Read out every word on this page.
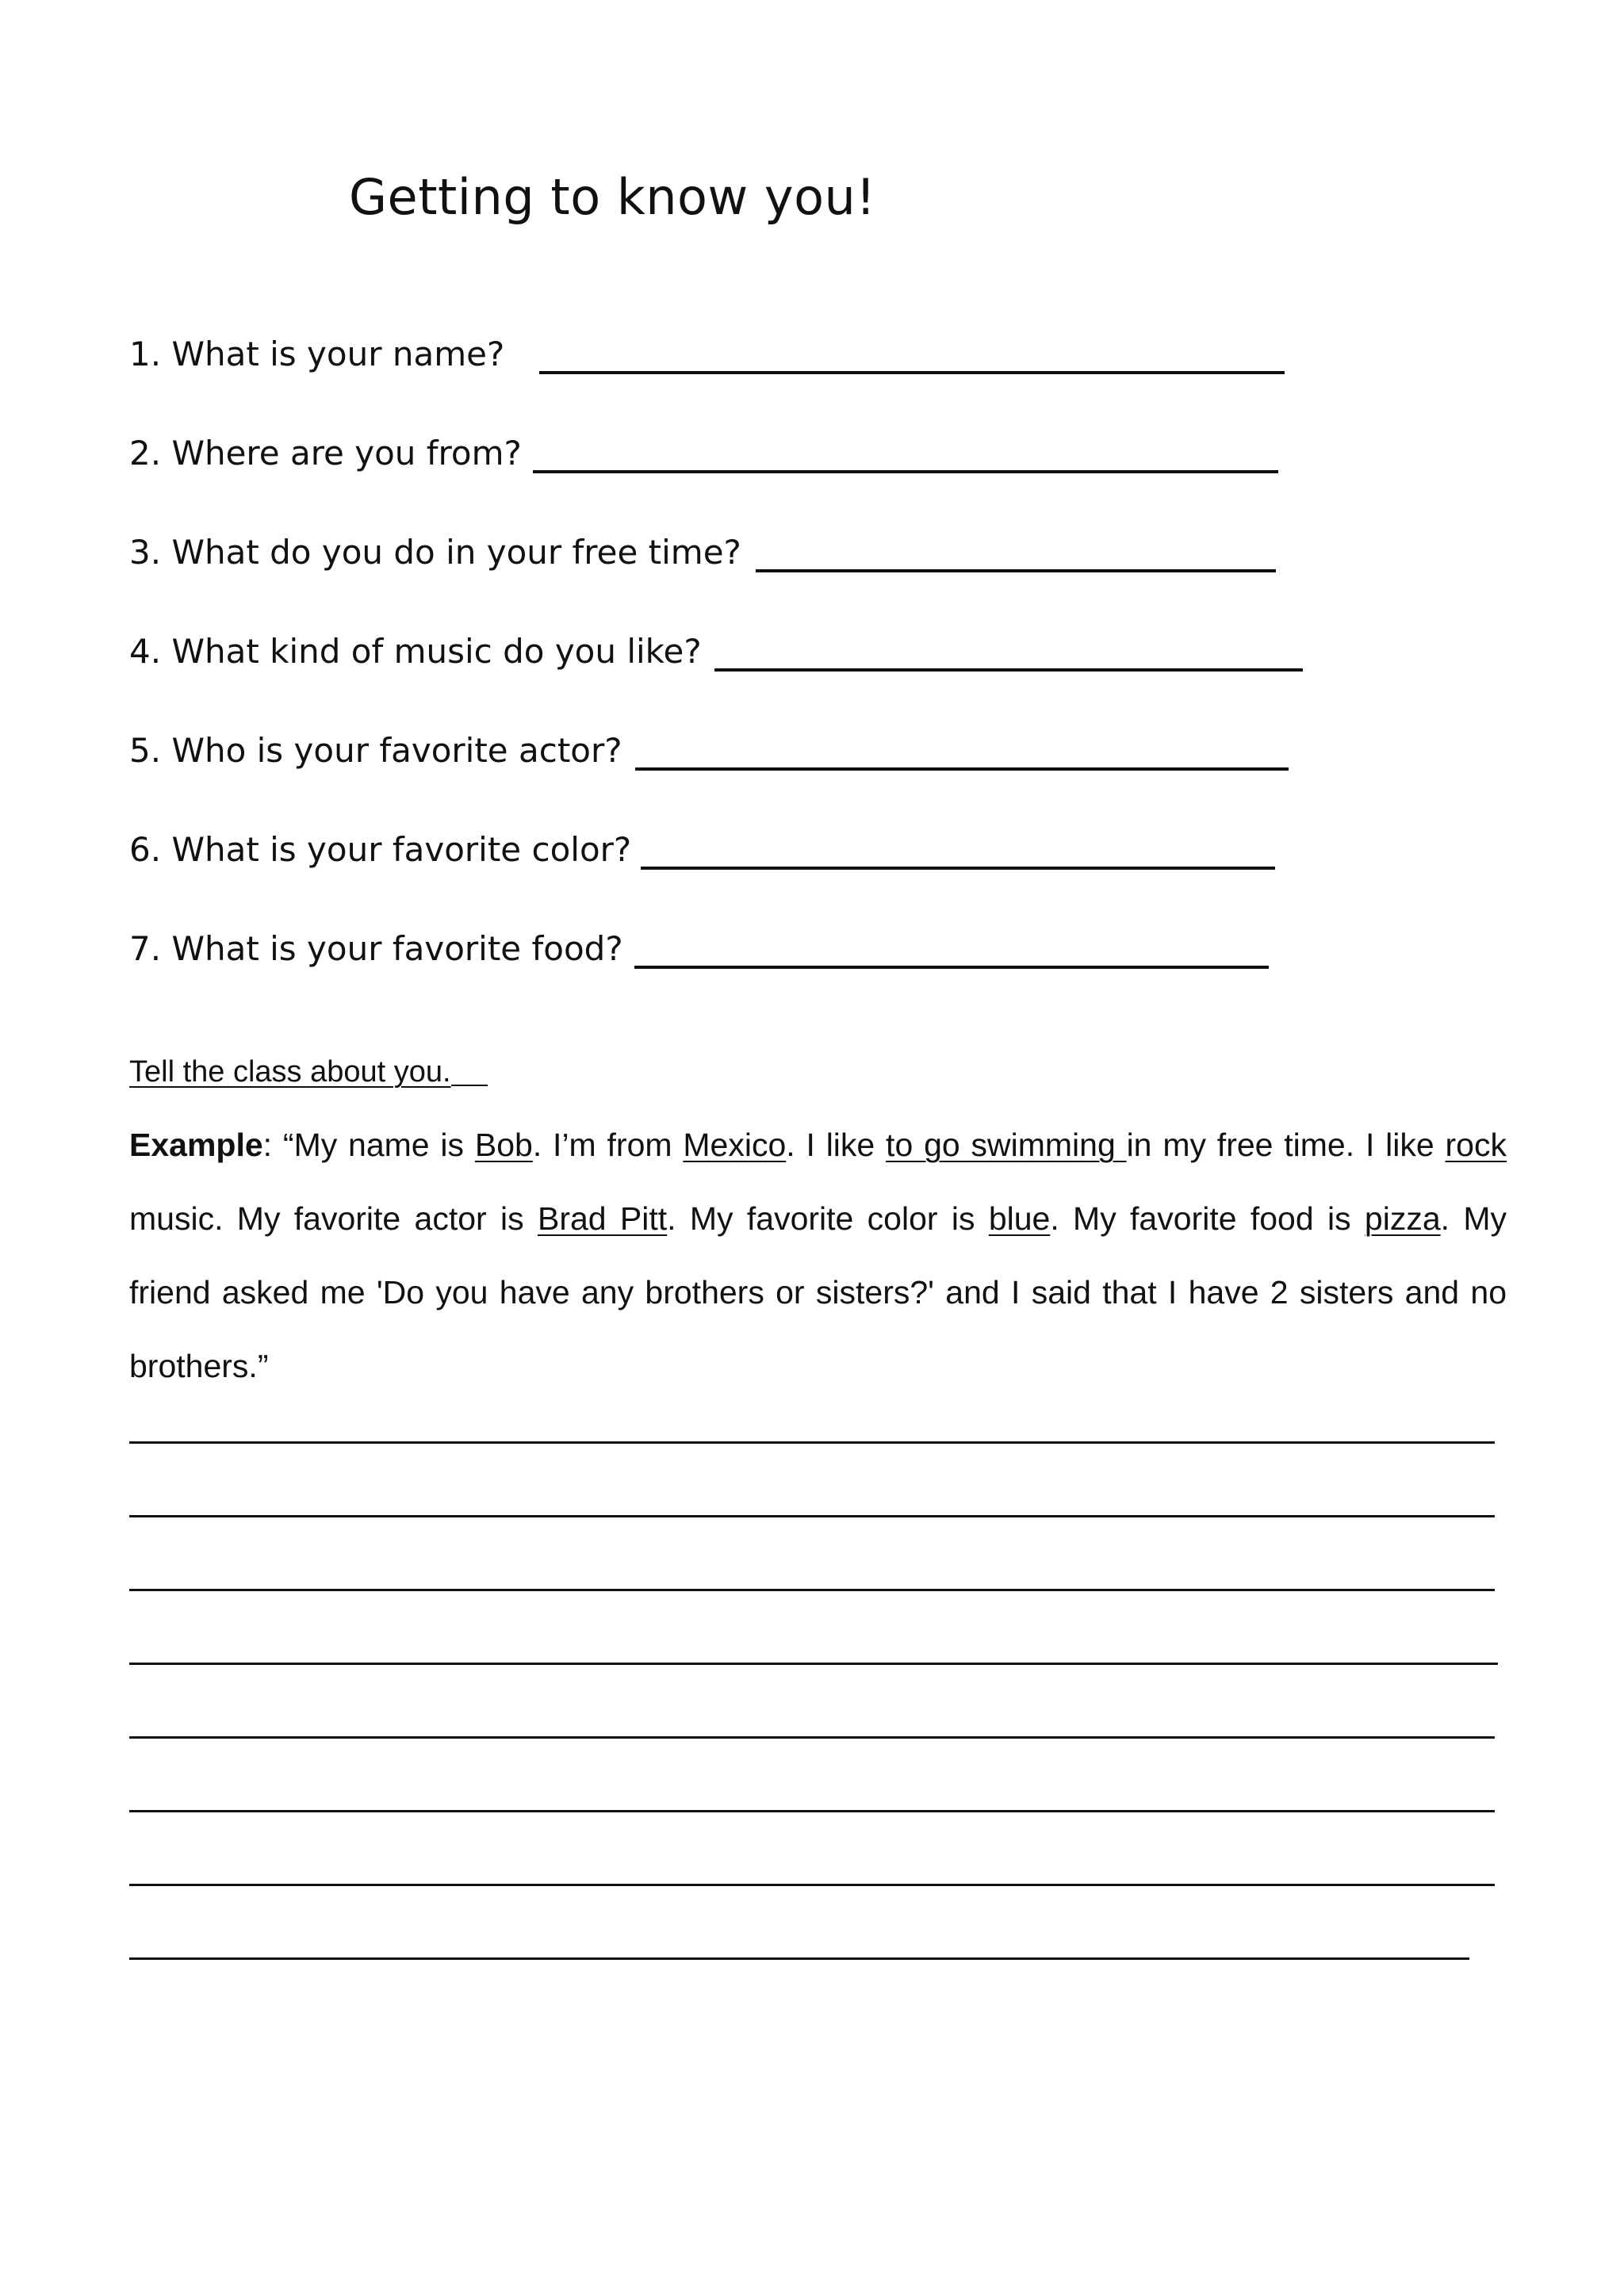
Getting to know you!
1. What is your name?
2. Where are you from?
3. What do you do in your free time?
4. What kind of music do you like?
5. Who is your favorite actor?
6. What is your favorite color?
7. What is your favorite food?
Tell the class about you.

Example: “My name is Bob. I’m from Mexico. I like to go swimming in my free time. I like rock music. My favorite actor is Brad Pitt. My favorite color is blue. My favorite food is pizza. My friend asked me 'Do you have any brothers or sisters?' and I said that I have 2 sisters and no brothers.”
